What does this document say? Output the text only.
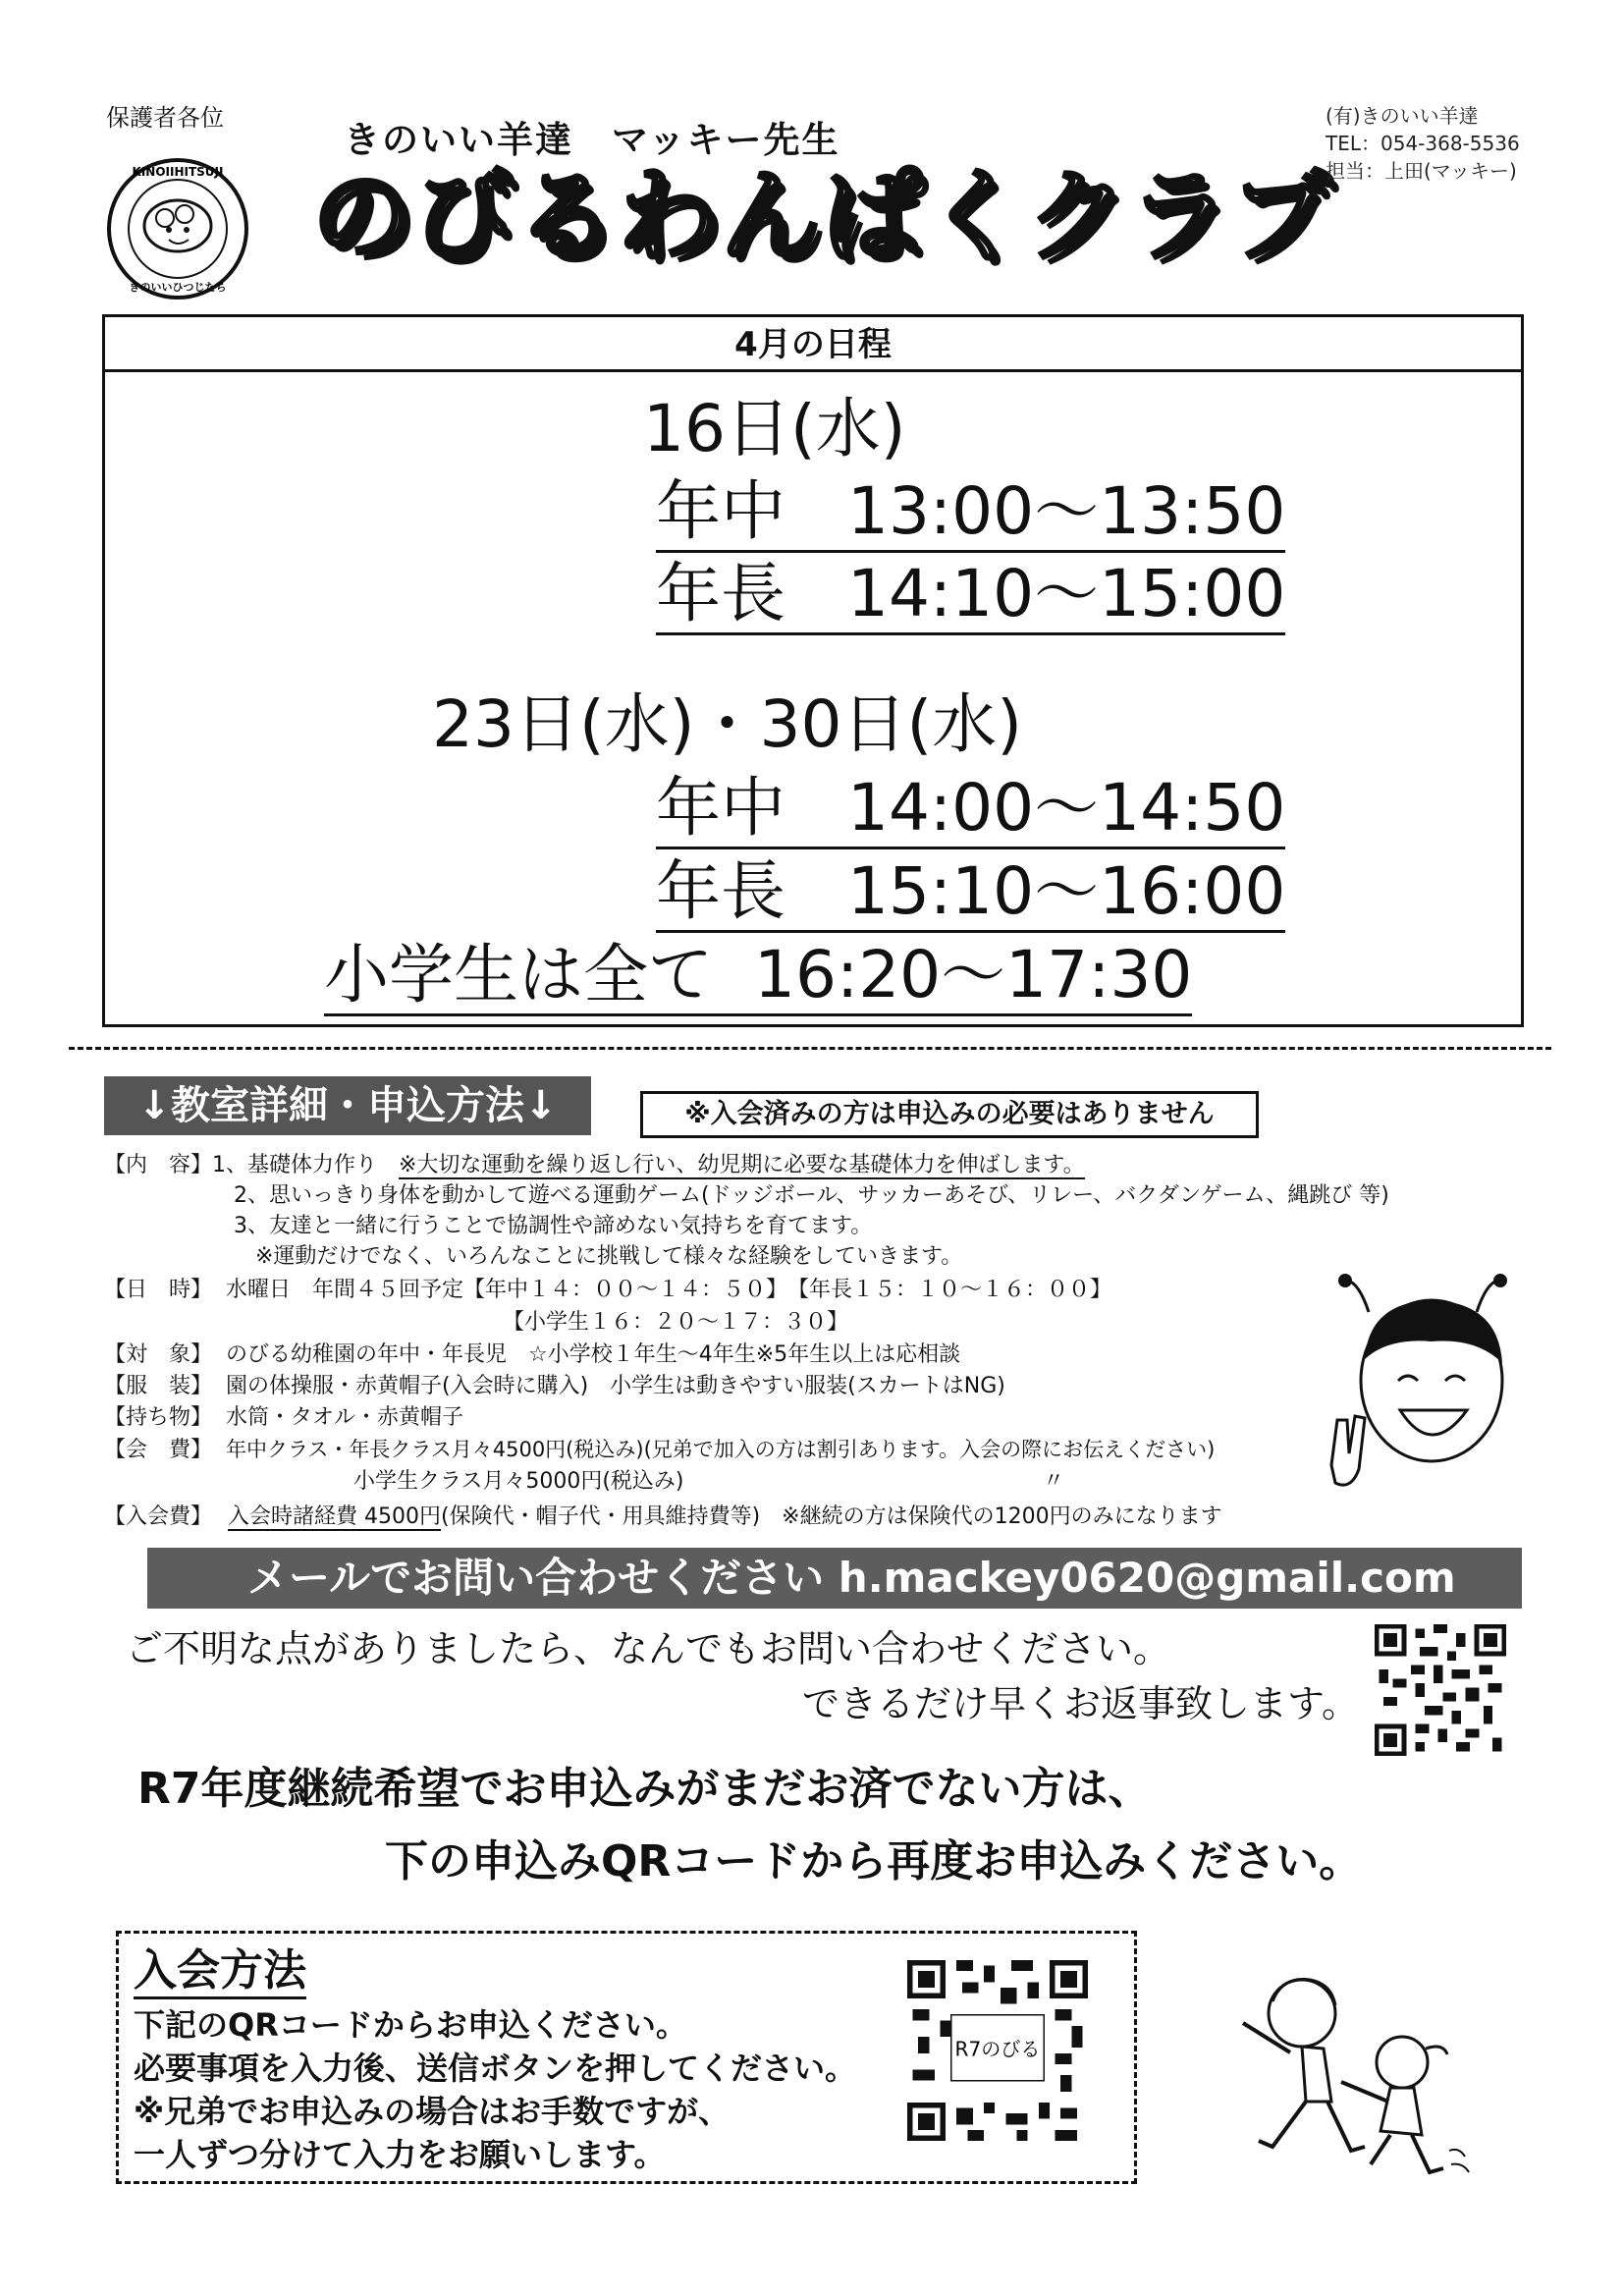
保護者各位
KINOIIHITSUJI
きのいいひつじたち
きのいい羊達　マッキー先生
のびるわんぱくクラブ
(有)きのいい羊達
TEL：054-368-5536
担当：上田(マッキー)
4月の日程
16日(水)
年中 13:00〜13:50
年長 14:10〜15:00
23日(水)・30日(水)
年中 14:00〜14:50
年長 15:10〜16:00
小学生は全て 16:20〜17:30
↓教室詳細・申込方法↓	※入会済みの方は申込みの必要はありません
【内　容】 1、基礎体力作り　※大切な運動を繰り返し行い、幼児期に必要な基礎体力を伸ばします。
2、思いっきり身体を動かして遊べる運動ゲーム(ドッジボール、サッカーあそび、リレー、バクダンゲーム、縄跳び 等)
3、友達と一緒に行うことで協調性や諦めない気持ちを育てます。
※運動だけでなく、いろんなことに挑戦して様々な経験をしていきます。
【日　時】 水曜日　年間４５回予定【年中１４：００〜１４：５０】　【年長１５：１０〜１６：００】
【小学生１６：２０〜１７：３０】
【対　象】 のびる幼稚園の年中・年長児　☆小学校１年生〜4年生※5年生以上は応相談
【服　装】 園の体操服・赤黄帽子(入会時に購入)　小学生は動きやすい服装(スカートはNG)
【持ち物】 水筒・タオル・赤黄帽子
【会　費】 年中クラス・年長クラス月々4500円(税込み)(兄弟で加入の方は割引あります。入会の際にお伝えください)
小学生クラス月々5000円(税込み)	〃
【入会費】 入会時諸経費 4500円(保険代・帽子代・用具維持費等)　※継続の方は保険代の1200円のみになります
メールでお問い合わせください h.mackey0620@gmail.com
ご不明な点がありましたら、なんでもお問い合わせください。
できるだけ早くお返事致します。
R7年度継続希望でお申込みがまだお済でない方は、
下の申込みQRコードから再度お申込みください。
入会方法
下記のQRコードからお申込ください。
必要事項を入力後、送信ボタンを押してください。
※兄弟でお申込みの場合はお手数ですが、
一人ずつ分けて入力をお願いします。
R7のびる
